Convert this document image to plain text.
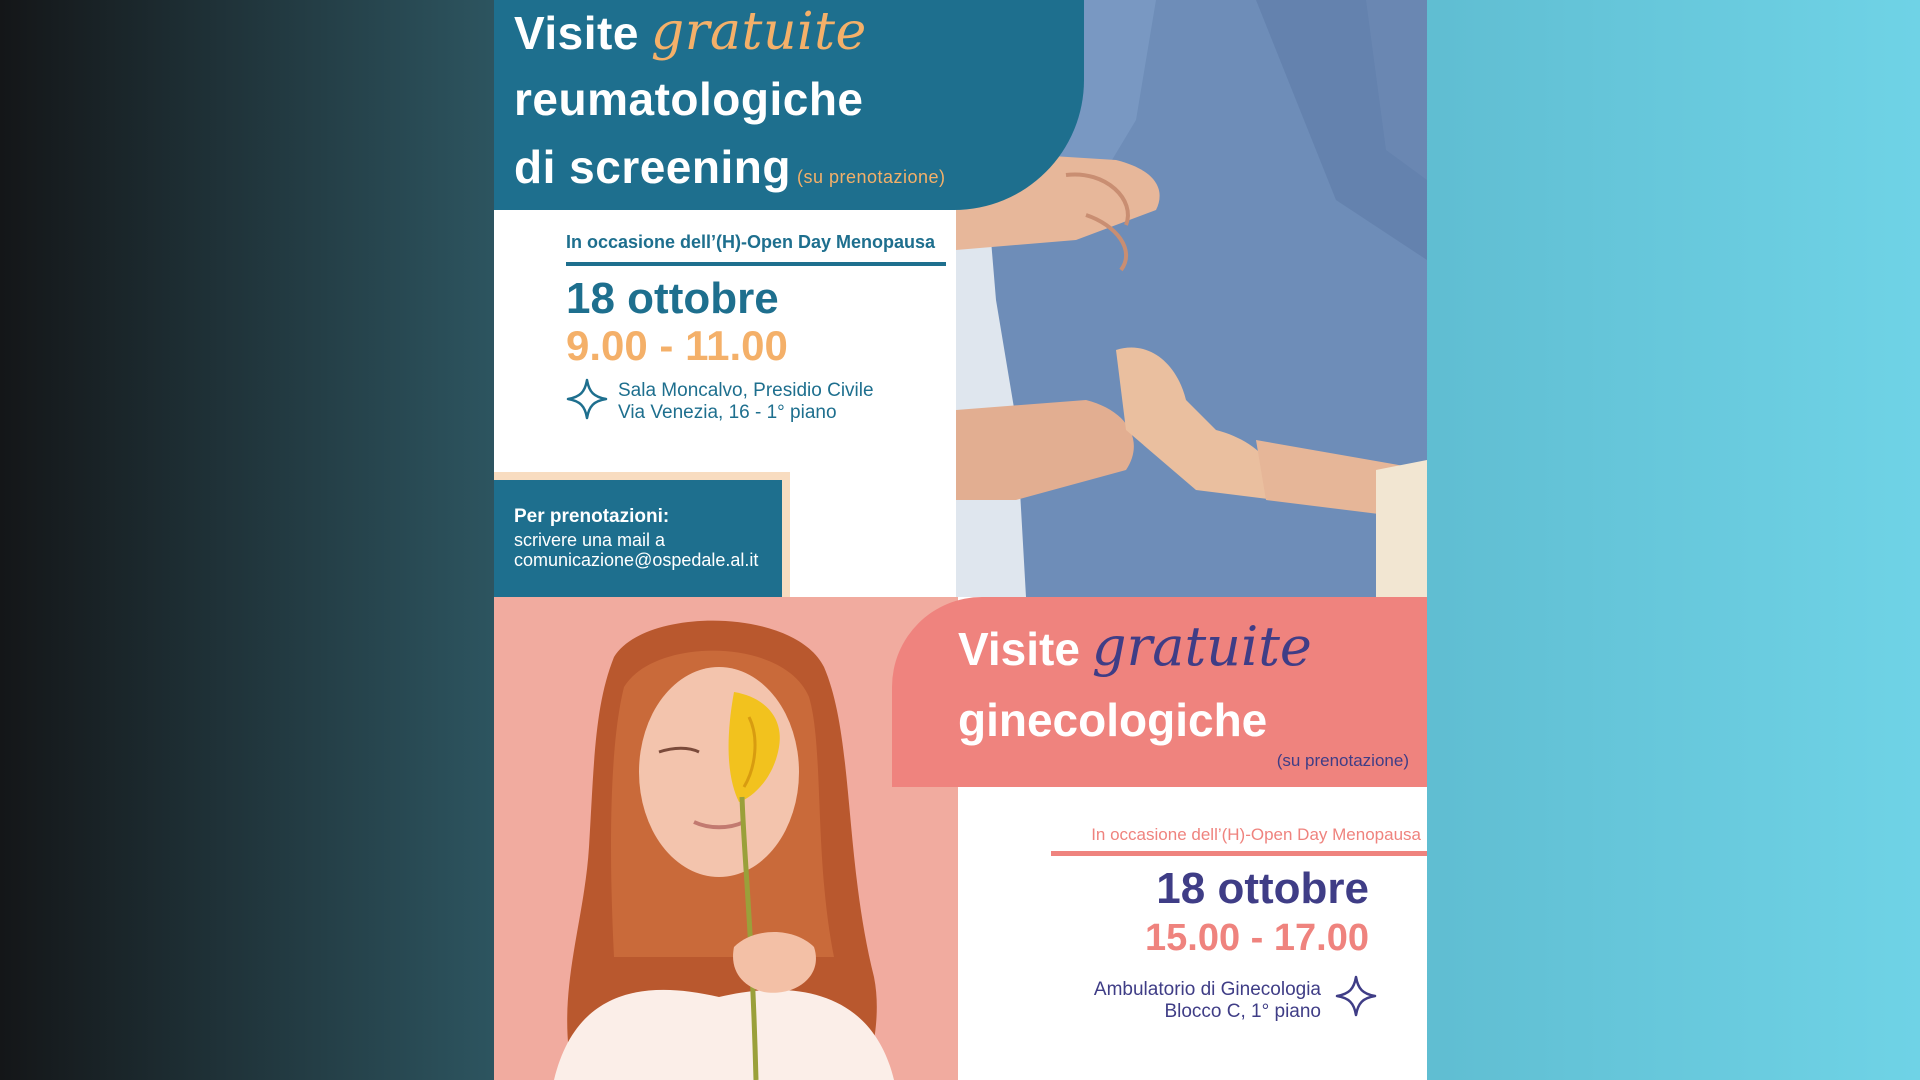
Visite gratuite
reumatologiche
di screening (su prenotazione)
In occasione dell’(H)-Open Day Menopausa
18 ottobre
9.00 - 11.00
Sala Moncalvo, Presidio Civile
Via Venezia, 16 - 1° piano
Per prenotazioni:
scrivere una mail a
comunicazione@ospedale.al.it
Visite gratuite
ginecologiche
(su prenotazione)
In occasione dell’(H)-Open Day Menopausa
18 ottobre
15.00 - 17.00
Ambulatorio di Ginecologia
Blocco C, 1° piano
